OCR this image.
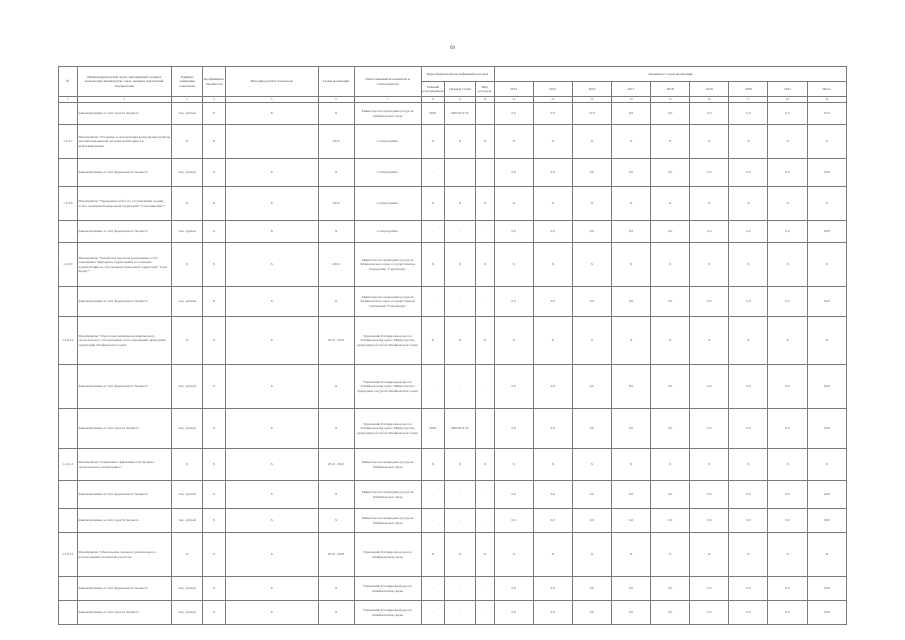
69
№	Наименование целей, задач, мероприятий, целевых показателей, индикаторов, задач, целевых показателей, подпрограмм	Единица измерения показателя	Коэффициент значимости	Методика расчёта показателя	Сроки реализации	Ответственный исполнитель и соисполнители	Коды бюджетной классификации расходов			Значения по годам реализации								
							Главный распорядитель	Целевая статья	Вид расходов	2014	2015	2016	2017	2018	2019	2020	2021	Итого
1	2	3	4	5	6	7	8	9	10	11	12	13	14	15	16	17	18	19
	финансирование за счёт средств бюджета	тыс. рублей	X	X	X	Министерство природных ресурсов Забайкальского края	0005	0820521С7С		0,0	0,0	10,0	0,0	0,0	0,0	0,0	0,0	10,0
1.2.9.7	Мероприятие "Установка и эксплуатация контрольных пунктов автоматизированной системы мониторинга и информирования"	X	X		2019	Госпрограмма	X	X	X	X	X	X	X	X	X	X	X	X
	финансирование за счёт федерального бюджета	тыс. рублей	X	X	X	Госпрограмма	-			0,0	0,0	0,0	0,0	0,0	0,0	0,0	0,0	0,00
1.2.9.8	Мероприятие "Проведение работ по установлению границ особо охраняемой природной территории "Сохондинский""	X	X	X	2019	Госпрограмма	X	X	X	X	X	X	X	X	X	X	X	X
	финансирование за счёт федерального бюджета	тыс. рублей	X	X	X	Госпрограмма	-	-	-	0,0	0,0	0,0	0,0	0,0	0,0	0,0	0,0	0,00
1.2.9.9	Мероприятие "Разработка проектов размещения особо охраняемых природных территорий и составление документации по обеспечению природной территории "Горы Кодар""	X	X	X	2019	Министерство природных ресурсов Забайкальского края, государственное учреждение "Горы Кодар"	X	X	X	X	X	X	X	X	X	X	X	X
	финансирование за счёт федерального бюджета	тыс. рублей	X	X	X	Министерство природных ресурсов Забайкальского края, государственное учреждение "Горы Кодар"	-	-	-	0,0	0,0	0,0	0,0	0,0	0,0	0,0	0,0	0,00
1.2.9.10	Мероприятие "Подготовка материалов комплексного экологического обследования особо охраняемых природных территорий Забайкальского края"	X	X	X	2019 - 2021	Управление Росприроднадзора по Забайкальскому краю; Министерство природных ресурсов Забайкальского края	X	X	X	X	X	X	X	X	X	X	X	X
	финансирование за счёт федерального бюджета	тыс. рублей	X	X	X	Управление Росприроднадзора по Забайкальскому краю; Министерство природных ресурсов Забайкальского края	-	-	-	0,0	0,0	0,0	0,0	0,0	0,0	0,0	0,0	0,00
	финансирование за счёт средств бюджета	тыс. рублей	X	X	X	Управление Росприроднадзора по Забайкальскому краю; Министерство природных ресурсов Забайкальского края	0005	0820521С7С		0,0	0,0	0,0	0,0	0,0	0,0	0,0	0,0	0,00
1.2.9.11	Мероприятие "Повышение эффективности системы экологического мониторинга"	X	X	X	2019 - 2021	Министерство природных ресурсов Забайкальского края	X	X	X	X	X	X	X	X	X	X	X	X
	финансирование за счёт федерального бюджета	тыс. рублей	X	X	X	Министерство природных ресурсов Забайкальского края	-	-	-	0,0	0,0	0,0	0,0	0,0	0,0	0,0	0,0	0,00
	финансирование за счёт средств бюджета	тыс. рублей	X	X	X	Министерство природных ресурсов Забайкальского края	-	-	-	0,0	0,0	0,0	0,0	0,0	0,0	0,0	0,0	0,00
1.2.9.12	Мероприятие "Обеспечение охраны и рационального использования охотничьих ресурсов"	X	X	X	2019 - 2020	Управление Росприроднадзора по Забайкальскому краю	X	X	X	X	X	X	X	X	X	X	X	X
	финансирование за счёт федерального бюджета	тыс. рублей	X	X	X	Управление Росприроднадзора по Забайкальскому краю	-	-	-	0,0	0,0	0,0	0,0	0,0	0,0	0,0	0,0	0,00
	финансирование за счёт средств бюджета	тыс. рублей	X	X	X	Управление Росприроднадзора по Забайкальскому краю	-	-	-	0,0	0,0	0,0	0,0	0,0	0,0	0,0	0,0	0,00
